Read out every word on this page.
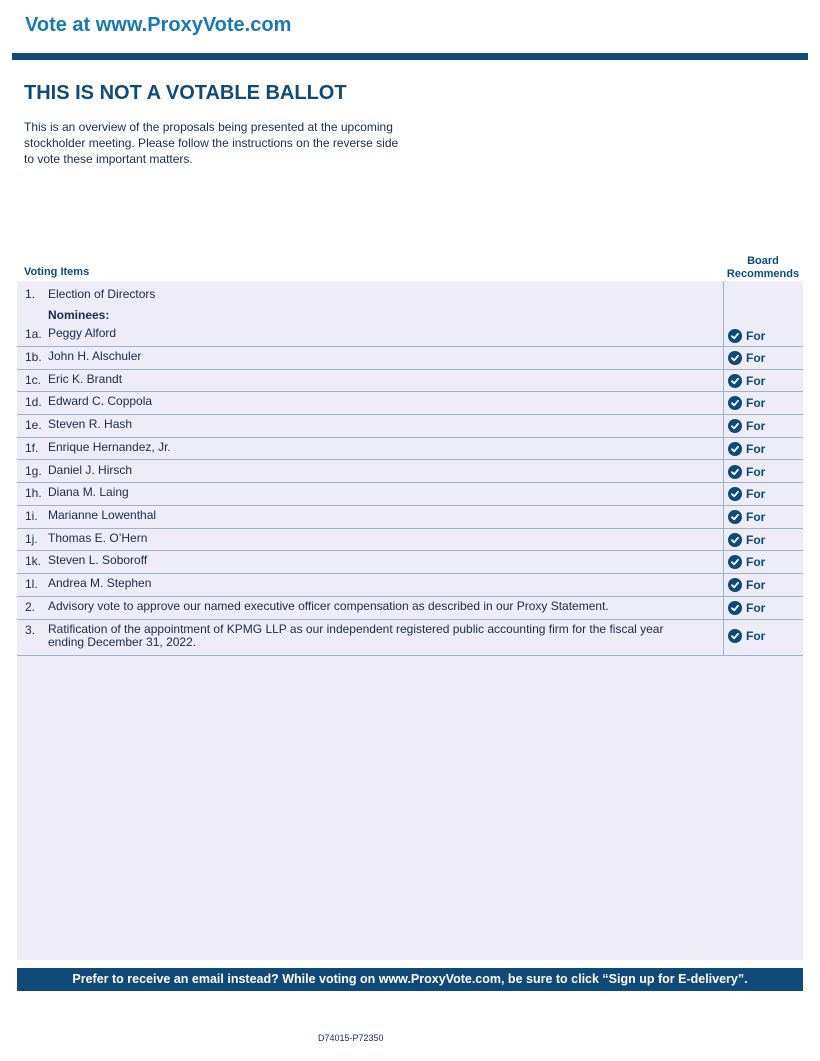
Vote at www.ProxyVote.com
THIS IS NOT A VOTABLE BALLOT
This is an overview of the proposals being presented at the upcoming stockholder meeting. Please follow the instructions on the reverse side to vote these important matters.
Voting Items
Board
Recommends
1. Election of Directors
Nominees:
1a. Peggy Alford	For
1b. John H. Alschuler	For
1c. Eric K. Brandt	For
1d. Edward C. Coppola	For
1e. Steven R. Hash	For
1f. Enrique Hernandez, Jr.	For
1g. Daniel J. Hirsch	For
1h. Diana M. Laing	For
1i. Marianne Lowenthal	For
1j. Thomas E. O’Hern	For
1k. Steven L. Soboroff	For
1l. Andrea M. Stephen	For
2. Advisory vote to approve our named executive officer compensation as described in our Proxy Statement.	For
3. Ratification of the appointment of KPMG LLP as our independent registered public accounting firm for the fiscal year
ending December 31, 2022.	For
Prefer to receive an email instead? While voting on www.ProxyVote.com, be sure to click “Sign up for E-delivery”.
D74015-P72350
